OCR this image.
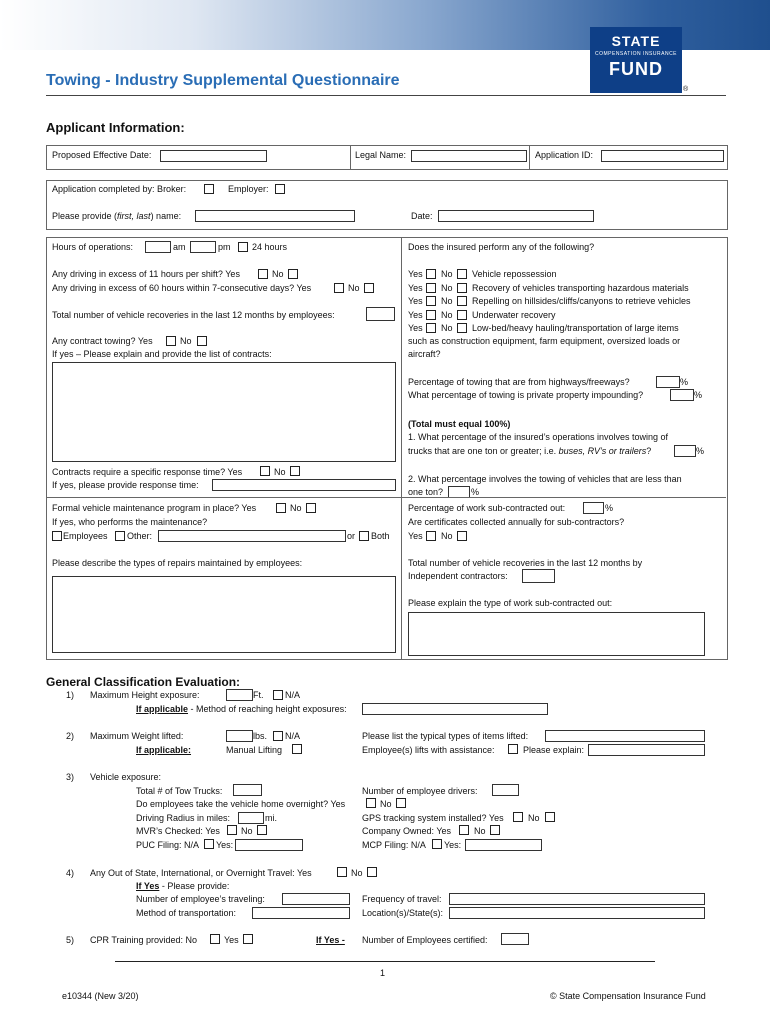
STATE
COMPENSATION INSURANCE
FUND
®
Towing - Industry Supplemental Questionnaire
Applicant Information:
Proposed Effective Date:	Legal Name:	Application ID:
Application completed by: Broker:	Employer:
Please provide (first, last) name:	Date:
Hours of operations:	am	pm 24 hours
Any driving in excess of 11 hours per shift? Yes	No
Any driving in excess of 60 hours within 7-consecutive days? Yes	No
Total number of vehicle recoveries in the last 12 months by employees:
Any contract towing? Yes	No
If yes – Please explain and provide the list of contracts:
Contracts require a specific response time? Yes	No
If yes, please provide response time:
Formal vehicle maintenance program in place? Yes	No
If yes, who performs the maintenance?
Employees Other:	or Both
Please describe the types of repairs maintained by employees:
Does the insured perform any of the following?
Yes No Vehicle repossession
Yes No Recovery of vehicles transporting hazardous materials
Yes No Repelling on hillsides/cliffs/canyons to retrieve vehicles
Yes No Underwater recovery
Yes No Low-bed/heavy hauling/transportation of large items
such as construction equipment, farm equipment, oversized loads or
aircraft?
Percentage of towing that are from highways/freeways?	%
What percentage of towing is private property impounding?	%
(Total must equal 100%)
1. What percentage of the insured’s operations involves towing of
trucks that are one ton or greater; i.e. buses, RV’s or trailers?	%
2. What percentage involves the towing of vehicles that are less than
one ton?	%
Percentage of work sub-contracted out:	%
Are certificates collected annually for sub-contractors?
Yes No
Total number of vehicle recoveries in the last 12 months by
Independent contractors:
Please explain the type of work sub-contracted out:
General Classification Evaluation:
1) Maximum Height exposure:	Ft. N/A
If applicable - Method of reaching height exposures:
2) Maximum Weight lifted:	lbs. N/A
If applicable:	Manual Lifting
Please list the typical types of items lifted:
Employee(s) lifts with assistance:	Please explain:
3) Vehicle exposure:
Total # of Tow Trucks:	Number of employee drivers:
Do employees take the vehicle home overnight? Yes	No
Driving Radius in miles:	mi.	GPS tracking system installed? Yes	No
MVR’s Checked: Yes No	Company Owned: Yes	No
PUC Filing: N/A Yes:	MCP Filing: N/A Yes:
4) Any Out of State, International, or Overnight Travel: Yes	No
If Yes - Please provide:
Number of employee’s traveling:	Frequency of travel:
Method of transportation:	Location(s)/State(s):
5) CPR Training provided: No	Yes	If Yes - Number of Employees certified:
1
e10344 (New 3/20)	© State Compensation Insurance Fund
